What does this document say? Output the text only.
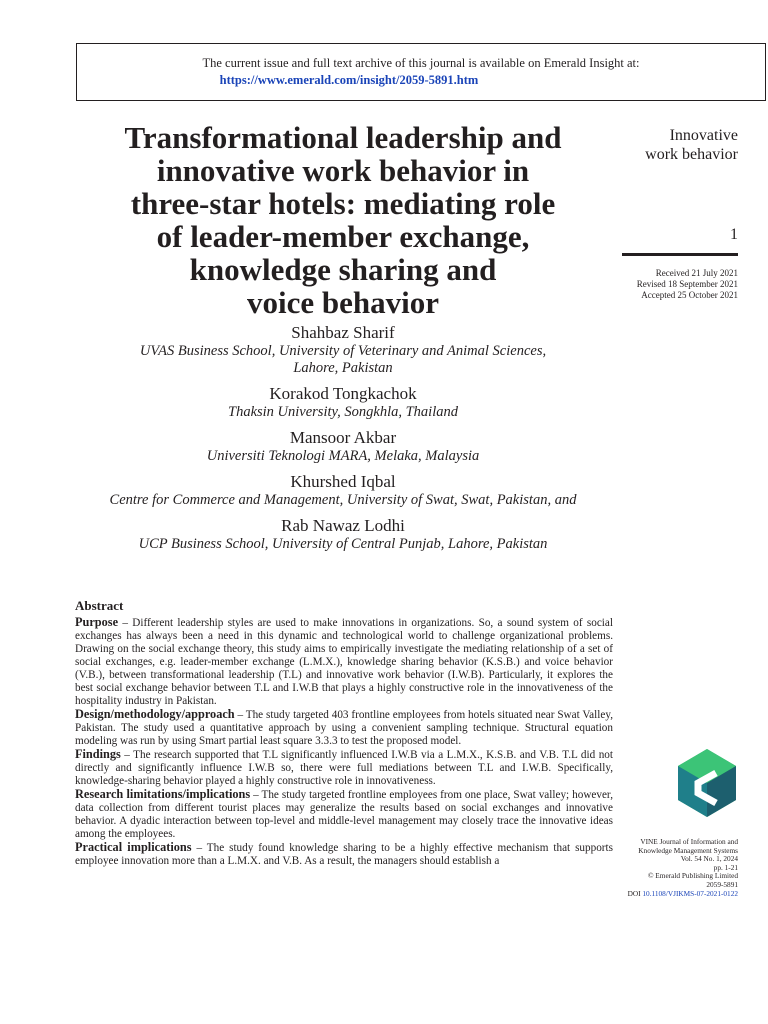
The current issue and full text archive of this journal is available on Emerald Insight at:
https://www.emerald.com/insight/2059-5891.htm
Transformational leadership and
innovative work behavior in
three-star hotels: mediating role
of leader-member exchange,
knowledge sharing and
voice behavior
Innovative
work behavior
1
Received 21 July 2021
Revised 18 September 2021
Accepted 25 October 2021
Shahbaz Sharif
UVAS Business School, University of Veterinary and Animal Sciences,
Lahore, Pakistan
Korakod Tongkachok
Thaksin University, Songkhla, Thailand
Mansoor Akbar
Universiti Teknologi MARA, Melaka, Malaysia
Khurshed Iqbal
Centre for Commerce and Management, University of Swat, Swat, Pakistan, and
Rab Nawaz Lodhi
UCP Business School, University of Central Punjab, Lahore, Pakistan
Abstract

Purpose – Different leadership styles are used to make innovations in organizations. So, a sound system of social exchanges has always been a need in this dynamic and technological world to challenge organizational problems. Drawing on the social exchange theory, this study aims to empirically investigate the mediating relationship of a set of social exchanges, e.g. leader-member exchange (L.M.X.), knowledge sharing behavior (K.S.B.) and voice behavior (V.B.), between transformational leadership (T.L) and innovative work behavior (I.W.B). Particularly, it explores the best social exchange behavior between T.L and I.W.B that plays a highly constructive role in the innovativeness of the hospitality industry in Pakistan.

Design/methodology/approach – The study targeted 403 frontline employees from hotels situated near Swat Valley, Pakistan. The study used a quantitative approach by using a convenient sampling technique. Structural equation modeling was run by using Smart partial least square 3.3.3 to test the proposed model.

Findings – The research supported that T.L significantly influenced I.W.B via a L.M.X., K.S.B. and V.B. T.L did not directly and significantly influence I.W.B so, there were full mediations between T.L and I.W.B. Specifically, knowledge-sharing behavior played a highly constructive role in innovativeness.

Research limitations/implications – The study targeted frontline employees from one place, Swat valley; however, data collection from different tourist places may generalize the results based on social exchanges and innovative behavior. A dyadic interaction between top-level and middle-level management may closely trace the innovative ideas among the employees.

Practical implications – The study found knowledge sharing to be a highly effective mechanism that supports employee innovation more than a L.M.X. and V.B. As a result, the managers should establish a

VINE Journal of Information and
Knowledge Management Systems
Vol. 54 No. 1, 2024
pp. 1-21
© Emerald Publishing Limited
2059-5891
DOI 10.1108/VJIKMS-07-2021-0122
